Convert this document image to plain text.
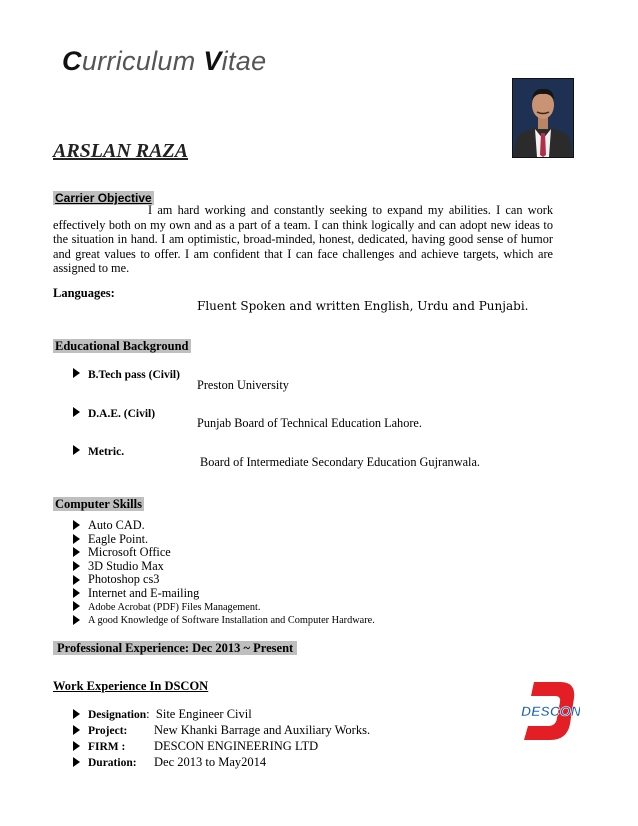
Curriculum Vitae
ARSLAN RAZA
Carrier Objective
I am hard working and constantly seeking to expand my abilities. I can work effectively both on my own and as a part of a team. I can think logically and can adopt new ideas to the situation in hand. I am optimistic, broad-minded, honest, dedicated, having good sense of humor and great values to offer. I am confident that I can face challenges and achieve targets, which are assigned to me.
Languages:
Fluent Spoken and written English, Urdu and Punjabi.
Educational Background
B.Tech pass (Civil)
Preston University
D.A.E. (Civil)
Punjab Board of Technical Education Lahore.
Metric.
Board of Intermediate Secondary Education Gujranwala.
Computer Skills
Auto CAD.
Eagle Point.
Microsoft Office
3D Studio Max
Photoshop cs3
Internet and E-mailing
Adobe Acrobat (PDF) Files Management.
A good Knowledge of Software Installation and Computer Hardware.
Professional Experience: Dec 2013 ~ Present
Work Experience In DSCON
Designation:  Site Engineer Civil
Project: New Khanki Barrage and Auxiliary Works.
FIRM : DESCON ENGINEERING LTD
Duration: Dec 2013 to May2014
DESCON
